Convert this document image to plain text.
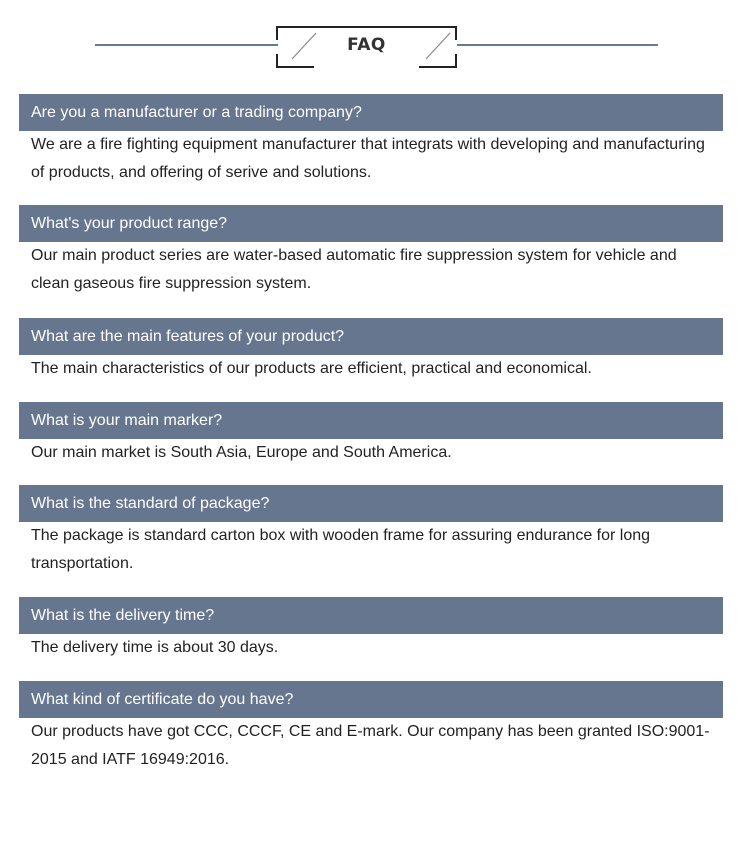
FAQ
Are you a manufacturer or a trading company?

We are a fire fighting equipment manufacturer that integrats with developing and manufacturing of products, and offering of serive and solutions.

What's your product range?

Our main product series are water-based automatic fire suppression system for vehicle and clean gaseous fire suppression system.

What are the main features of your product?

The main characteristics of our products are efficient, practical and economical.

What is your main marker?

Our main market is South Asia, Europe and South America.

What is the standard of package?

The package is standard carton box with wooden frame for assuring endurance for long transportation.

What is the delivery time?

The delivery time is about 30 days.

What kind of certificate do you have?

Our products have got CCC, CCCF, CE and E-mark. Our company has been granted ISO:9001-2015 and IATF 16949:2016.
